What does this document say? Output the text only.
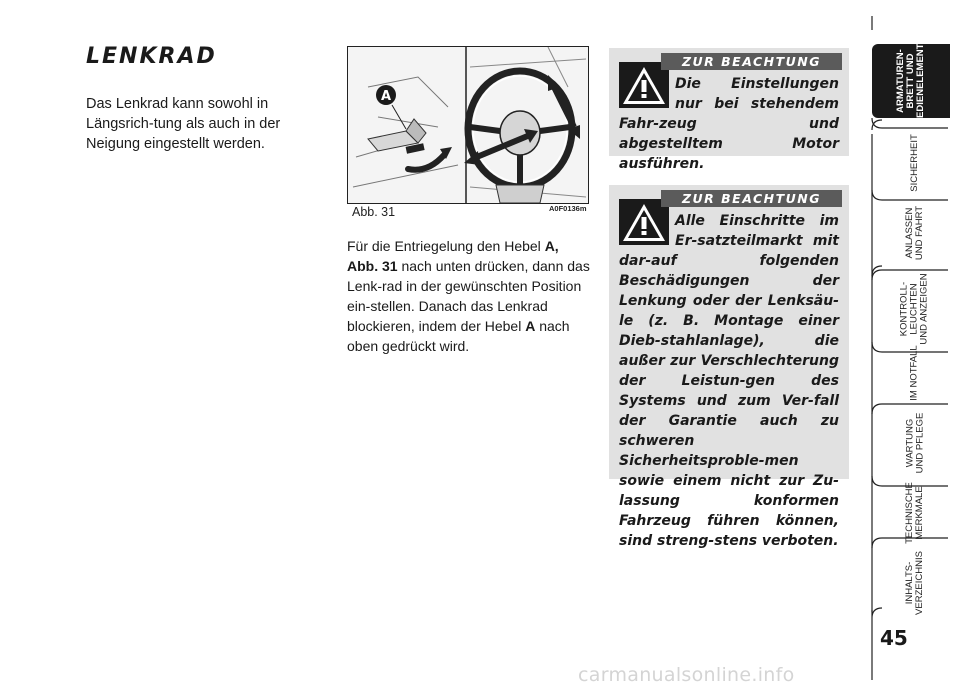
LENKRAD

Das Lenkrad kann sowohl in Längsrich-tung als auch in der Neigung eingestellt werden.

A
Abb. 31	A0F0136m

Für die Entriegelung den Hebel A, Abb. 31 nach unten drücken, dann das Lenk-rad in der gewünschten Position ein-stellen. Danach das Lenkrad blockieren, indem der Hebel A nach oben gedrückt wird.

Die Einstellungen nur bei stehendem Fahr-zeug und abgestelltem Motor ausführen.

ZUR BEACHTUNG

Alle Einschritte im Er-satzteilmarkt mit dar-auf folgenden Beschädigungen der Lenkung oder der Lenksäu-le (z. B. Montage einer Dieb-stahlanlage), die außer zur Verschlechterung der Leistun-gen des Systems und zum Ver-fall der Garantie auch zu schweren Sicherheitsproble-men sowie einem nicht zur Zu-lassung konformen Fahrzeug führen können, sind streng-stens verboten.

ZUR BEACHTUNG
ARMATUREN-
BRETT UND
BEDIENELEMENTE
SICHERHEIT
ANLASSEN
UND FAHRT
KONTROLL-
LEUCHTEN
UND ANZEIGEN
IM NOTFALL
WARTUNG
UND PFLEGE
TECHNISCHE
MERKMALE
INHALTS-
VERZEICHNIS
45
carmanualsonline.info
